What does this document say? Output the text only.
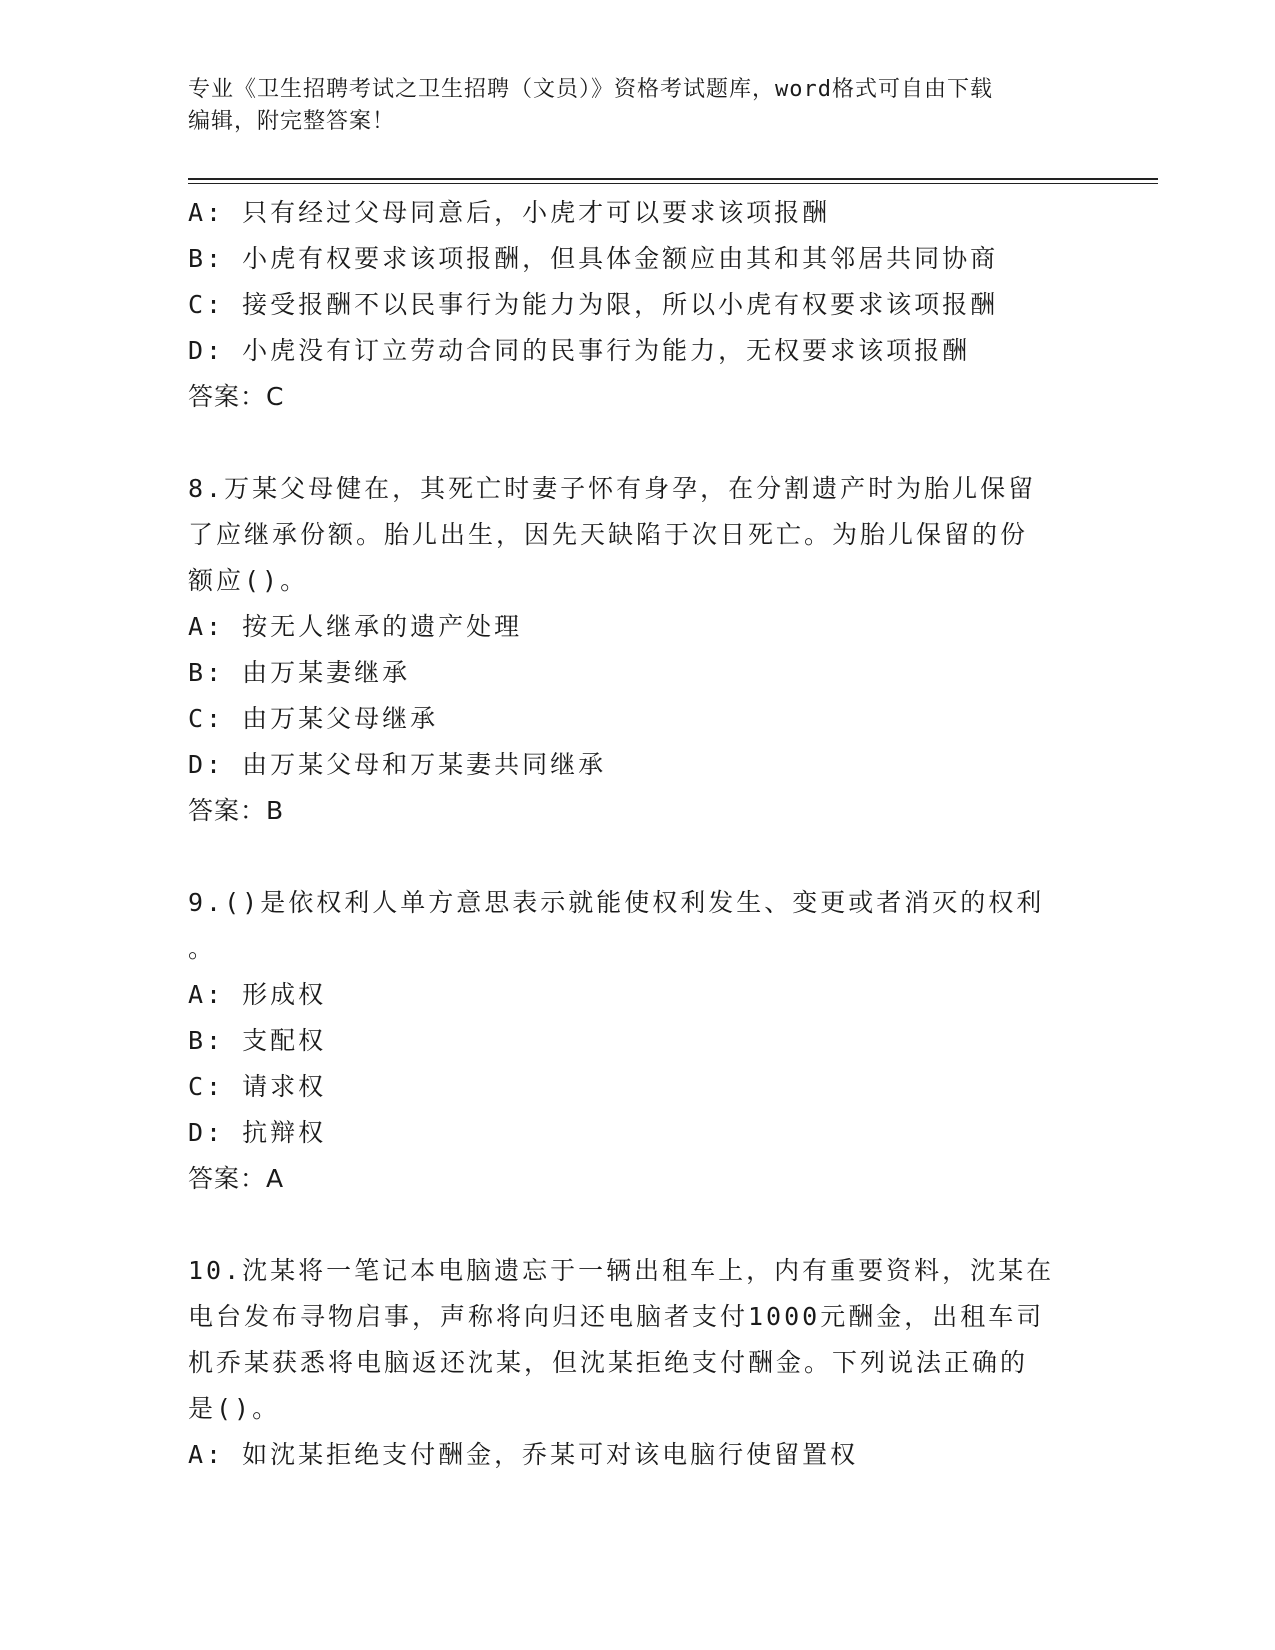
专业《卫生招聘考试之卫生招聘（文员）》资格考试题库，word格式可自由下载
编辑，附完整答案！
A: 只有经过父母同意后，小虎才可以要求该项报酬
B: 小虎有权要求该项报酬，但具体金额应由其和其邻居共同协商
C: 接受报酬不以民事行为能力为限，所以小虎有权要求该项报酬
D: 小虎没有订立劳动合同的民事行为能力，无权要求该项报酬
答案：C
8.万某父母健在，其死亡时妻子怀有身孕，在分割遗产时为胎儿保留
了应继承份额。胎儿出生，因先天缺陷于次日死亡。为胎儿保留的份
额应()。
A: 按无人继承的遗产处理
B: 由万某妻继承
C: 由万某父母继承
D: 由万某父母和万某妻共同继承
答案：B
9.()是依权利人单方意思表示就能使权利发生、变更或者消灭的权利
。
A: 形成权
B: 支配权
C: 请求权
D: 抗辩权
答案：A
10.沈某将一笔记本电脑遗忘于一辆出租车上，内有重要资料，沈某在
电台发布寻物启事，声称将向归还电脑者支付1000元酬金，出租车司
机乔某获悉将电脑返还沈某，但沈某拒绝支付酬金。下列说法正确的
是()。
A: 如沈某拒绝支付酬金，乔某可对该电脑行使留置权
